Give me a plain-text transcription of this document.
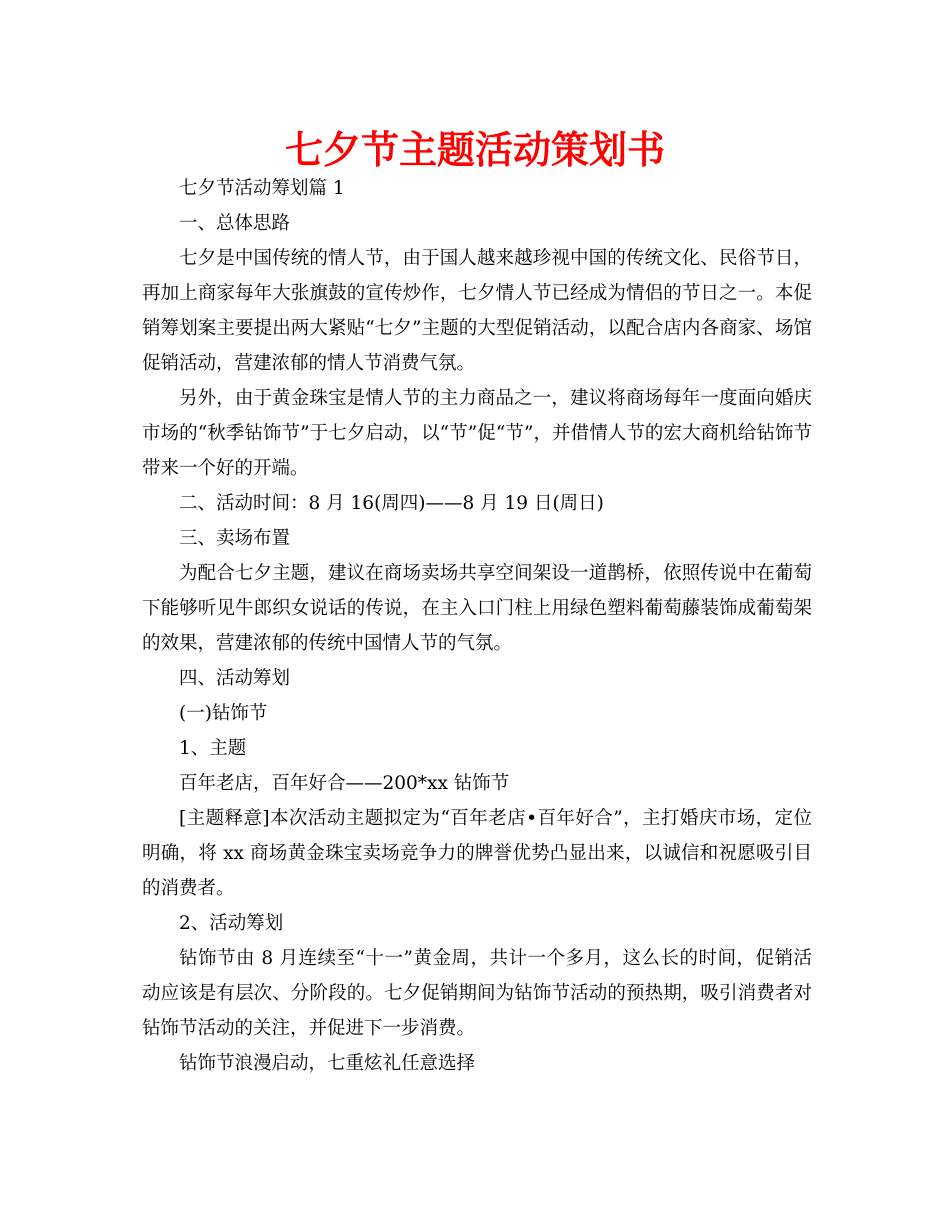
七夕节主题活动策划书

七夕节活动筹划篇 1

一、总体思路

七夕是中国传统的情人节，由于国人越来越珍视中国的传统文化、民俗节日，再加上商家每年大张旗鼓的宣传炒作，七夕情人节已经成为情侣的节日之一。本促销筹划案主要提出两大紧贴“七夕”主题的大型促销活动，以配合店内各商家、场馆促销活动，营建浓郁的情人节消费气氛。

另外，由于黄金珠宝是情人节的主力商品之一，建议将商场每年一度面向婚庆市场的“秋季钻饰节”于七夕启动，以“节”促“节”，并借情人节的宏大商机给钻饰节带来一个好的开端。

二、活动时间：8 月 16(周四)——8 月 19 日(周日)

三、卖场布置

为配合七夕主题，建议在商场卖场共享空间架设一道鹊桥，依照传说中在葡萄下能够听见牛郎织女说话的传说，在主入口门柱上用绿色塑料葡萄藤装饰成葡萄架的效果，营建浓郁的传统中国情人节的气氛。

四、活动筹划

(一)钻饰节

1、主题

百年老店，百年好合——200*xx 钻饰节

[主题释意]本次活动主题拟定为“百年老店•百年好合”，主打婚庆市场，定位明确，将 xx 商场黄金珠宝卖场竞争力的牌誉优势凸显出来，以诚信和祝愿吸引目的消费者。

2、活动筹划

钻饰节由 8 月连续至“十一”黄金周，共计一个多月，这么长的时间，促销活动应该是有层次、分阶段的。七夕促销期间为钻饰节活动的预热期，吸引消费者对钻饰节活动的关注，并促进下一步消费。

钻饰节浪漫启动，七重炫礼任意选择
